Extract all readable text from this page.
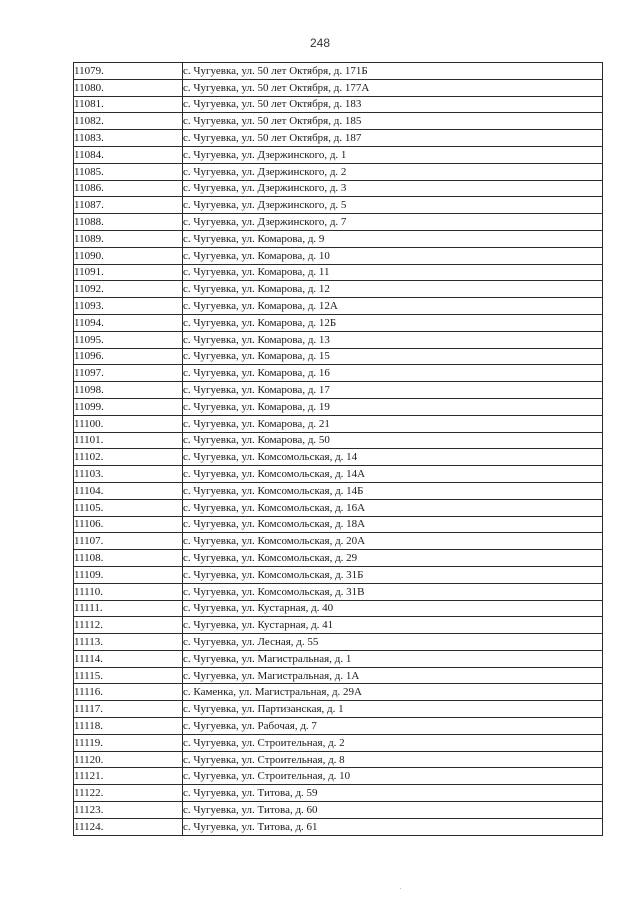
248
11079.	с. Чугуевка, ул. 50 лет Октября, д. 171Б
11080.	с. Чугуевка, ул. 50 лет Октября, д. 177А
11081.	с. Чугуевка, ул. 50 лет Октября, д. 183
11082.	с. Чугуевка, ул. 50 лет Октября, д. 185
11083.	с. Чугуевка, ул. 50 лет Октября, д. 187
11084.	с. Чугуевка, ул. Дзержинского, д. 1
11085.	с. Чугуевка, ул. Дзержинского, д. 2
11086.	с. Чугуевка, ул. Дзержинского, д. 3
11087.	с. Чугуевка, ул. Дзержинского, д. 5
11088.	с. Чугуевка, ул. Дзержинского, д. 7
11089.	с. Чугуевка, ул. Комарова, д. 9
11090.	с. Чугуевка, ул. Комарова, д. 10
11091.	с. Чугуевка, ул. Комарова, д. 11
11092.	с. Чугуевка, ул. Комарова, д. 12
11093.	с. Чугуевка, ул. Комарова, д. 12А
11094.	с. Чугуевка, ул. Комарова, д. 12Б
11095.	с. Чугуевка, ул. Комарова, д. 13
11096.	с. Чугуевка, ул. Комарова, д. 15
11097.	с. Чугуевка, ул. Комарова, д. 16
11098.	с. Чугуевка, ул. Комарова, д. 17
11099.	с. Чугуевка, ул. Комарова, д. 19
11100.	с. Чугуевка, ул. Комарова, д. 21
11101.	с. Чугуевка, ул. Комарова, д. 50
11102.	с. Чугуевка, ул. Комсомольская, д. 14
11103.	с. Чугуевка, ул. Комсомольская, д. 14А
11104.	с. Чугуевка, ул. Комсомольская, д. 14Б
11105.	с. Чугуевка, ул. Комсомольская, д. 16А
11106.	с. Чугуевка, ул. Комсомольская, д. 18А
11107.	с. Чугуевка, ул. Комсомольская, д. 20А
11108.	с. Чугуевка, ул. Комсомольская, д. 29
11109.	с. Чугуевка, ул. Комсомольская, д. 31Б
11110.	с. Чугуевка, ул. Комсомольская, д. 31В
11111.	с. Чугуевка, ул. Кустарная, д. 40
11112.	с. Чугуевка, ул. Кустарная, д. 41
11113.	с. Чугуевка, ул. Лесная, д. 55
11114.	с. Чугуевка, ул. Магистральная, д. 1
11115.	с. Чугуевка, ул. Магистральная, д. 1А
11116.	с. Каменка, ул. Магистральная, д. 29А
11117.	с. Чугуевка, ул. Партизанская, д. 1
11118.	с. Чугуевка, ул. Рабочая, д. 7
11119.	с. Чугуевка, ул. Строительная, д. 2
11120.	с. Чугуевка, ул. Строительная, д. 8
11121.	с. Чугуевка, ул. Строительная, д. 10
11122.	с. Чугуевка, ул. Титова, д. 59
11123.	с. Чугуевка, ул. Титова, д. 60
11124.	с. Чугуевка, ул. Титова, д. 61
